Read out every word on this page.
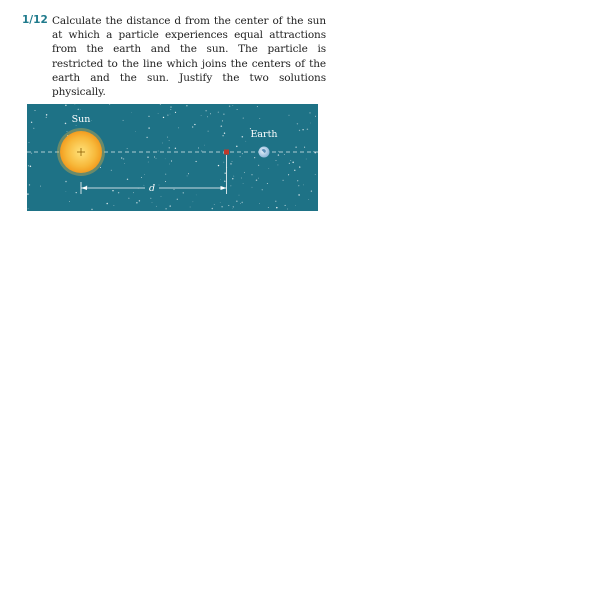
1/12 Calculate the distance d from the center of the sun at which a particle experiences equal attractions from the earth and the sun. The particle is restricted to the line which joins the centers of the earth and the sun. Justify the two solutions physically.
Sun
Earth
d
